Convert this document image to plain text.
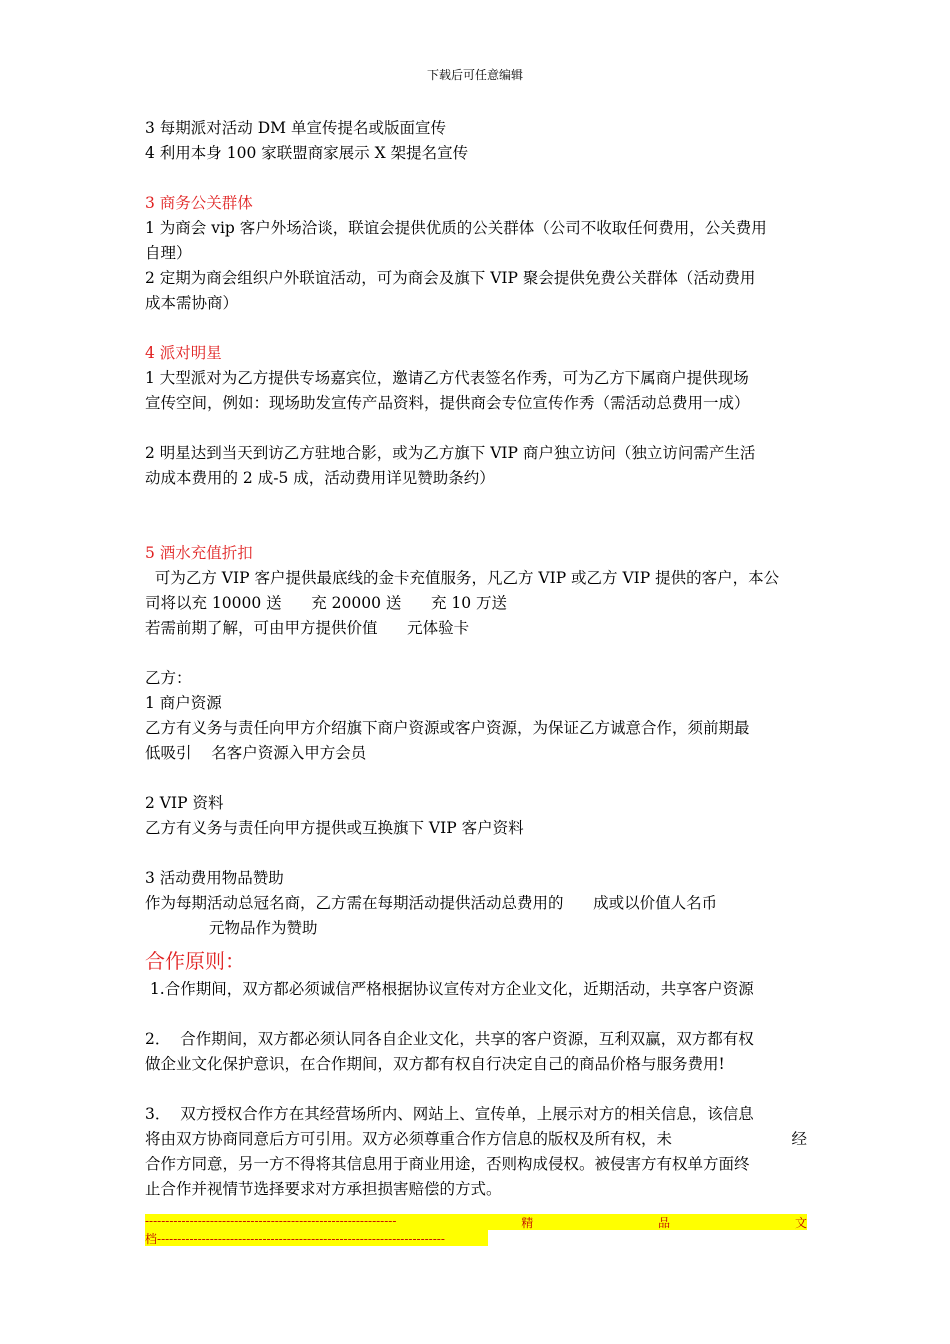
下载后可任意编辑
3 每期派对活动 DM 单宣传提名或版面宣传
4 利用本身 100 家联盟商家展示 X 架提名宣传
3 商务公关群体
1 为商会 vip 客户外场洽谈，联谊会提供优质的公关群体（公司不收取任何费用，公关费用
自理）
2 定期为商会组织户外联谊活动，可为商会及旗下 VIP 聚会提供免费公关群体（活动费用
成本需协商）
4 派对明星
1 大型派对为乙方提供专场嘉宾位，邀请乙方代表签名作秀，可为乙方下属商户提供现场
宣传空间，例如：现场助发宣传产品资料，提供商会专位宣传作秀（需活动总费用一成）
2 明星达到当天到访乙方驻地合影，或为乙方旗下 VIP 商户独立访问（独立访问需产生活
动成本费用的 2 成-5 成，活动费用详见赞助条约）
5 酒水充值折扣
可为乙方 VIP 客户提供最底线的金卡充值服务，凡乙方 VIP 或乙方 VIP 提供的客户，本公
司将以充 10000 送      充 20000 送      充 10 万送
若需前期了解，可由甲方提供价值      元体验卡
乙方：
1 商户资源
乙方有义务与责任向甲方介绍旗下商户资源或客户资源，为保证乙方诚意合作，须前期最
低吸引    名客户资源入甲方会员
2 VIP 资料
乙方有义务与责任向甲方提供或互换旗下 VIP 客户资料
3 活动费用物品赞助
作为每期活动总冠名商，乙方需在每期活动提供活动总费用的      成或以价值人名币
元物品作为赞助
合作原则：
1.合作期间，双方都必须诚信严格根据协议宣传对方企业文化，近期活动，共享客户资源
2．  合作期间，双方都必须认同各自企业文化，共享的客户资源，互利双赢，双方都有权
做企业文化保护意识，在合作期间，双方都有权自行决定自己的商品价格与服务费用!
3．  双方授权合作方在其经营场所内、网站上、宣传单，上展示对方的相关信息，该信息
将由双方协商同意后方可引用。双方必须尊重合作方信息的版权及所有权，未	经
合作方同意，另一方不得将其信息用于商业用途，否则构成侵权。被侵害方有权单方面终
止合作并视情节选择要求对方承担损害赔偿的方式。
--------------------------------------------------------------	精	品	文
档-----------------------------------------------------------------------
